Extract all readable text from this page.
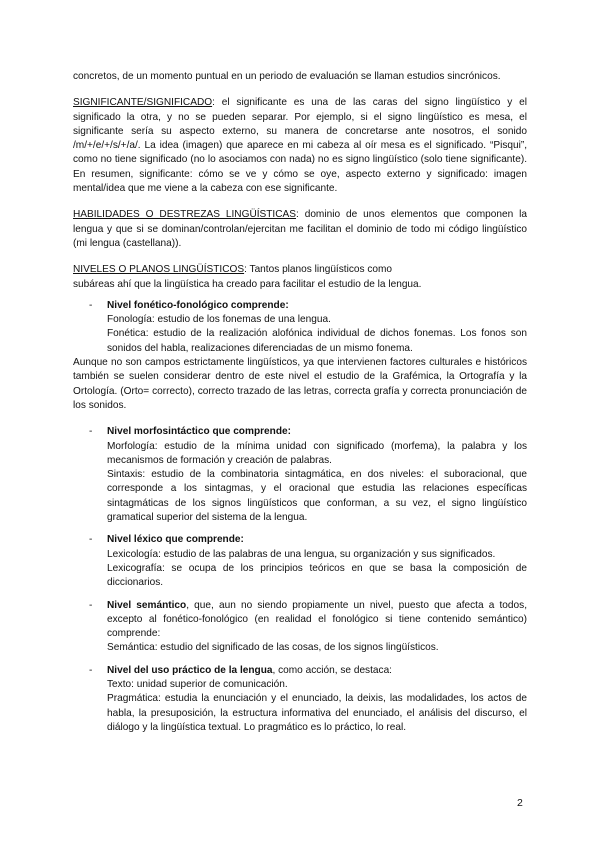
concretos, de un momento puntual en un periodo de evaluación se llaman estudios sincrónicos.

SIGNIFICANTE/SIGNIFICADO: el significante es una de las caras del signo lingüístico y el significado la otra, y no se pueden separar. Por ejemplo, si el signo lingüístico es mesa, el significante sería su aspecto externo, su manera de concretarse ante nosotros, el sonido /m/+/e/+/s/+/a/. La idea (imagen) que aparece en mi cabeza al oír mesa es el significado. “Pisqui”, como no tiene significado (no lo asociamos con nada) no es signo lingüístico (solo tiene significante). En resumen, significante: cómo se ve y cómo se oye, aspecto externo y significado: imagen mental/idea que me viene a la cabeza con ese significante.

HABILIDADES O DESTREZAS LINGÜÍSTICAS: dominio de unos elementos que componen la lengua y que si se dominan/controlan/ejercitan me facilitan el dominio de todo mi código lingüístico (mi lengua (castellana)).

NIVELES O PLANOS LINGÜÍSTICOS: Tantos planos lingüísticos como
subáreas ahí que la lingüística ha creado para facilitar el estudio de la lengua.

- Nivel fonético-fonológico comprende:

Fonología: estudio de los fonemas de una lengua.

Fonética: estudio de la realización alofónica individual de dichos fonemas. Los fonos son sonidos del habla, realizaciones diferenciadas de un mismo fonema.

Aunque no son campos estrictamente lingüísticos, ya que intervienen factores culturales e históricos también se suelen considerar dentro de este nivel el estudio de la Grafémica, la Ortografía y la Ortología. (Orto= correcto), correcto trazado de las letras, correcta grafía y correcta pronunciación de los sonidos.

- Nivel morfosintáctico que comprende:

Morfología: estudio de la mínima unidad con significado (morfema), la palabra y los mecanismos de formación y creación de palabras.

Sintaxis: estudio de la combinatoria sintagmática, en dos niveles: el suboracional, que corresponde a los sintagmas, y el oracional que estudia las relaciones específicas sintagmáticas de los signos lingüísticos que conforman, a su vez, el signo lingüístico gramatical superior del sistema de la lengua.

- Nivel léxico que comprende:

Lexicología: estudio de las palabras de una lengua, su organización y sus significados.

Lexicografía: se ocupa de los principios teóricos en que se basa la composición de diccionarios.

- Nivel semántico, que, aun no siendo propiamente un nivel, puesto que afecta a todos, excepto al fonético-fonológico (en realidad el fonológico si tiene contenido semántico) comprende:

Semántica: estudio del significado de las cosas, de los signos lingüísticos.

- Nivel del uso práctico de la lengua, como acción, se destaca:

Texto: unidad superior de comunicación.

Pragmática: estudia la enunciación y el enunciado, la deixis, las modalidades, los actos de habla, la presuposición, la estructura informativa del enunciado, el análisis del discurso, el diálogo y la lingüística textual. Lo pragmático es lo práctico, lo real.

2
